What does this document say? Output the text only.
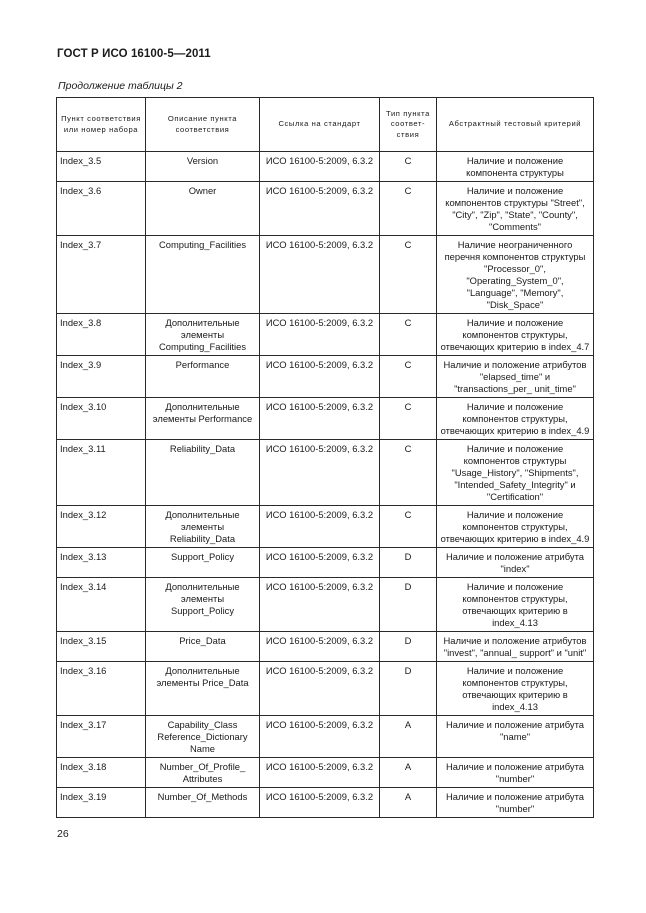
ГОСТ Р ИСО 16100-5—2011
Продолжение таблицы 2
Пункт соответствия или номер набора	Описание пункта соответствия	Ссылка на стандарт	Тип пункта соответ-ствия	Абстрактный тестовый критерий
Index_3.5	Version	ИСО 16100-5:2009, 6.3.2	C	Наличие и положение компонента структуры
Index_3.6	Owner	ИСО 16100-5:2009, 6.3.2	C	Наличие и положение компонентов структуры "Street", "City", "Zip", "State", "County", "Comments"
Index_3.7	Computing_Facilities	ИСО 16100-5:2009, 6.3.2	C	Наличие неограниченного перечня компонентов структуры "Processor_0", "Operating_System_0", "Language", "Memory", "Disk_Space"
Index_3.8	Дополнительные элементы Computing_Facilities	ИСО 16100-5:2009, 6.3.2	C	Наличие и положение компонентов структуры, отвечающих критерию в index_4.7
Index_3.9	Performance	ИСО 16100-5:2009, 6.3.2	C	Наличие и положение атрибутов "elapsed_time" и "transactions_per_ unit_time"
Index_3.10	Дополнительные элементы Performance	ИСО 16100-5:2009, 6.3.2	C	Наличие и положение компонентов структуры, отвечающих критерию в index_4.9
Index_3.11	Reliability_Data	ИСО 16100-5:2009, 6.3.2	C	Наличие и положение компонентов структуры "Usage_History", "Shipments", "Intended_Safety_Integrity" и "Certification"
Index_3.12	Дополнительные элементы Reliability_Data	ИСО 16100-5:2009, 6.3.2	C	Наличие и положение компонентов структуры, отвечающих критерию в index_4.9
Index_3.13	Support_Policy	ИСО 16100-5:2009, 6.3.2	D	Наличие и положение атрибута "index"
Index_3.14	Дополнительные элементы Support_Policy	ИСО 16100-5:2009, 6.3.2	D	Наличие и положение компонентов структуры, отвечающих критерию в index_4.13
Index_3.15	Price_Data	ИСО 16100-5:2009, 6.3.2	D	Наличие и положение атрибутов "invest", "annual_ support" и "unit"
Index_3.16	Дополнительные элементы Price_Data	ИСО 16100-5:2009, 6.3.2	D	Наличие и положение компонентов структуры, отвечающих критерию в index_4.13
Index_3.17	Capability_Class Reference_Dictionary Name	ИСО 16100-5:2009, 6.3.2	A	Наличие и положение атрибута "name"
Index_3.18	Number_Of_Profile_ Attributes	ИСО 16100-5:2009, 6.3.2	A	Наличие и положение атрибута "number"
Index_3.19	Number_Of_Methods	ИСО 16100-5:2009, 6.3.2	A	Наличие и положение атрибута "number"
26
